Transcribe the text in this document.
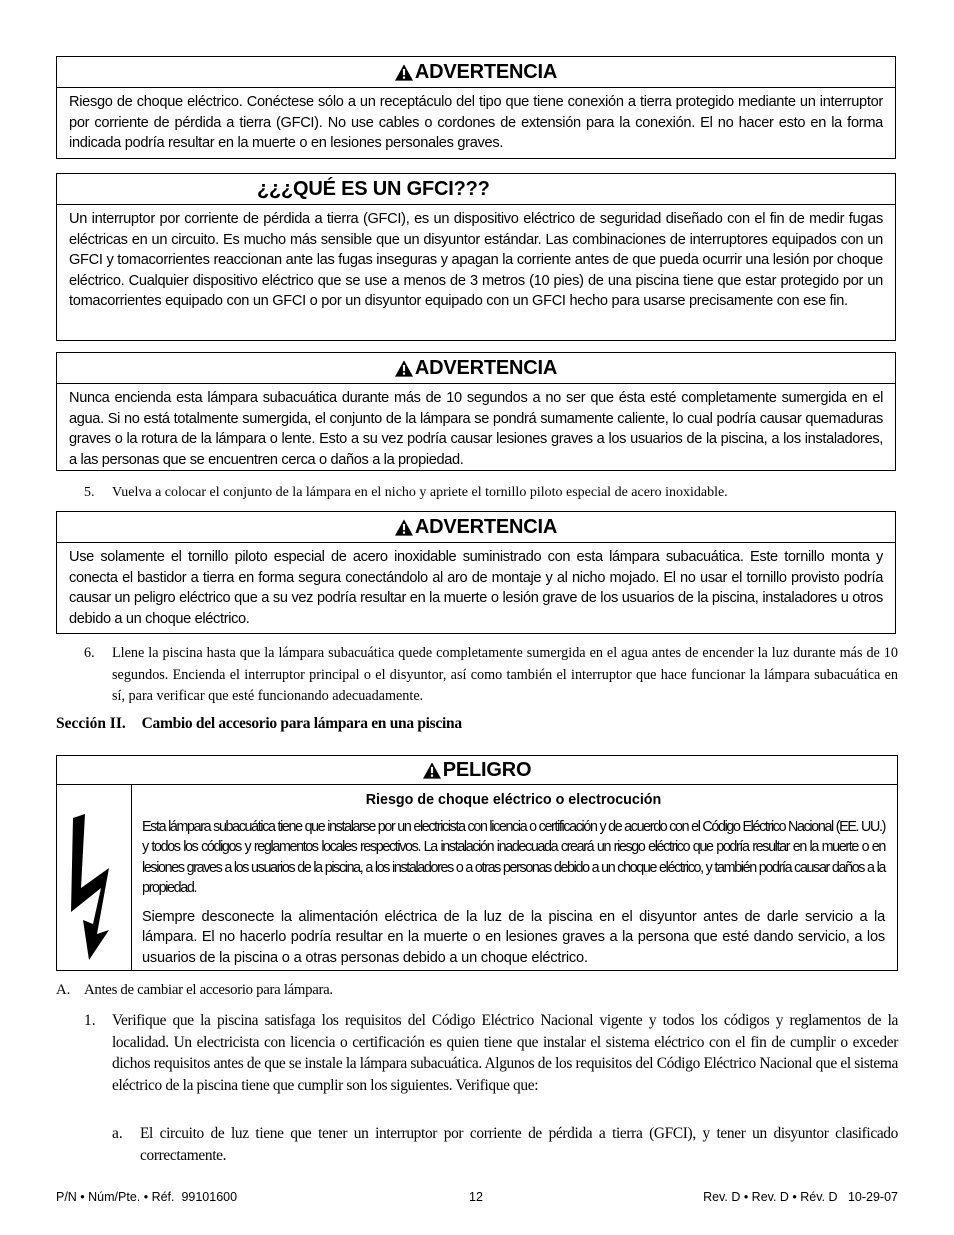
ADVERTENCIA
Riesgo de choque eléctrico. Conéctese sólo a un receptáculo del tipo que tiene conexión a tierra protegido mediante un interruptor por corriente de pérdida a tierra (GFCI). No use cables o cordones de extensión para la conexión. El no hacer esto en la forma indicada podría resultar en la muerte o en lesiones personales graves.
¿¿¿QUÉ ES UN GFCI???
Un interruptor por corriente de pérdida a tierra (GFCI), es un dispositivo eléctrico de seguridad diseñado con el fin de medir fugas eléctricas en un circuito. Es mucho más sensible que un disyuntor estándar. Las combinaciones de interruptores equipados con un GFCI y tomacorrientes reaccionan ante las fugas inseguras y apagan la corriente antes de que pueda ocurrir una lesión por choque eléctrico. Cualquier dispositivo eléctrico que se use a menos de 3 metros (10 pies) de una piscina tiene que estar protegido por un tomacorrientes equipado con un GFCI o por un disyuntor equipado con un GFCI hecho para usarse precisamente con ese fin.
ADVERTENCIA
Nunca encienda esta lámpara subacuática durante más de 10 segundos a no ser que ésta esté completamente sumergida en el agua. Si no está totalmente sumergida, el conjunto de la lámpara se pondrá sumamente caliente, lo cual podría causar quemaduras graves o la rotura de la lámpara o lente. Esto a su vez podría causar lesiones graves a los usuarios de la piscina, a los instaladores, a las personas que se encuentren cerca o daños a la propiedad.
5.	Vuelva a colocar el conjunto de la lámpara en el nicho y apriete el tornillo piloto especial de acero inoxidable.
ADVERTENCIA
Use solamente el tornillo piloto especial de acero inoxidable suministrado con esta lámpara subacuática. Este tornillo monta y conecta el bastidor a tierra en forma segura conectándolo al aro de montaje y al nicho mojado. El no usar el tornillo provisto podría causar un peligro eléctrico que a su vez podría resultar en la muerte o lesión grave de los usuarios de la piscina, instaladores u otros debido a un choque eléctrico.
6.	Llene la piscina hasta que la lámpara subacuática quede completamente sumergida en el agua antes de encender la luz durante más de 10 segundos. Encienda el interruptor principal o el disyuntor, así como también el interruptor que hace funcionar la lámpara subacuática en sí, para verificar que esté funcionando adecuadamente.
Sección II. Cambio del accesorio para lámpara en una piscina
PELIGRO

Riesgo de choque eléctrico o electrocución

Esta lámpara subacuática tiene que instalarse por un electricista con licencia o certificación y de acuerdo con el Código Eléctrico Nacional (EE. UU.) y todos los códigos y reglamentos locales respectivos. La instalación inadecuada creará un riesgo eléctrico que podría resultar en la muerte o en lesiones graves a los usuarios de la piscina, a los instaladores o a otras personas debido a un choque eléctrico, y también podría causar daños a la propiedad.

Siempre desconecte la alimentación eléctrica de la luz de la piscina en el disyuntor antes de darle servicio a la lámpara. El no hacerlo podría resultar en la muerte o en lesiones graves a la persona que esté dando servicio, a los usuarios de la piscina o a otras personas debido a un choque eléctrico.

A. Antes de cambiar el accesorio para lámpara.
1.	Verifique que la piscina satisfaga los requisitos del Código Eléctrico Nacional vigente y todos los códigos y reglamentos de la localidad. Un electricista con licencia o certificación es quien tiene que instalar el sistema eléctrico con el fin de cumplir o exceder dichos requisitos antes de que se instale la lámpara subacuática. Algunos de los requisitos del Código Eléctrico Nacional que el sistema eléctrico de la piscina tiene que cumplir son los siguientes. Verifique que:
a.	El circuito de luz tiene que tener un interruptor por corriente de pérdida a tierra (GFCI), y tener un disyuntor clasificado correctamente.
P/N • Núm/Pte. • Réf.  99101600	12	Rev. D • Rev. D • Rév. D   10-29-07
